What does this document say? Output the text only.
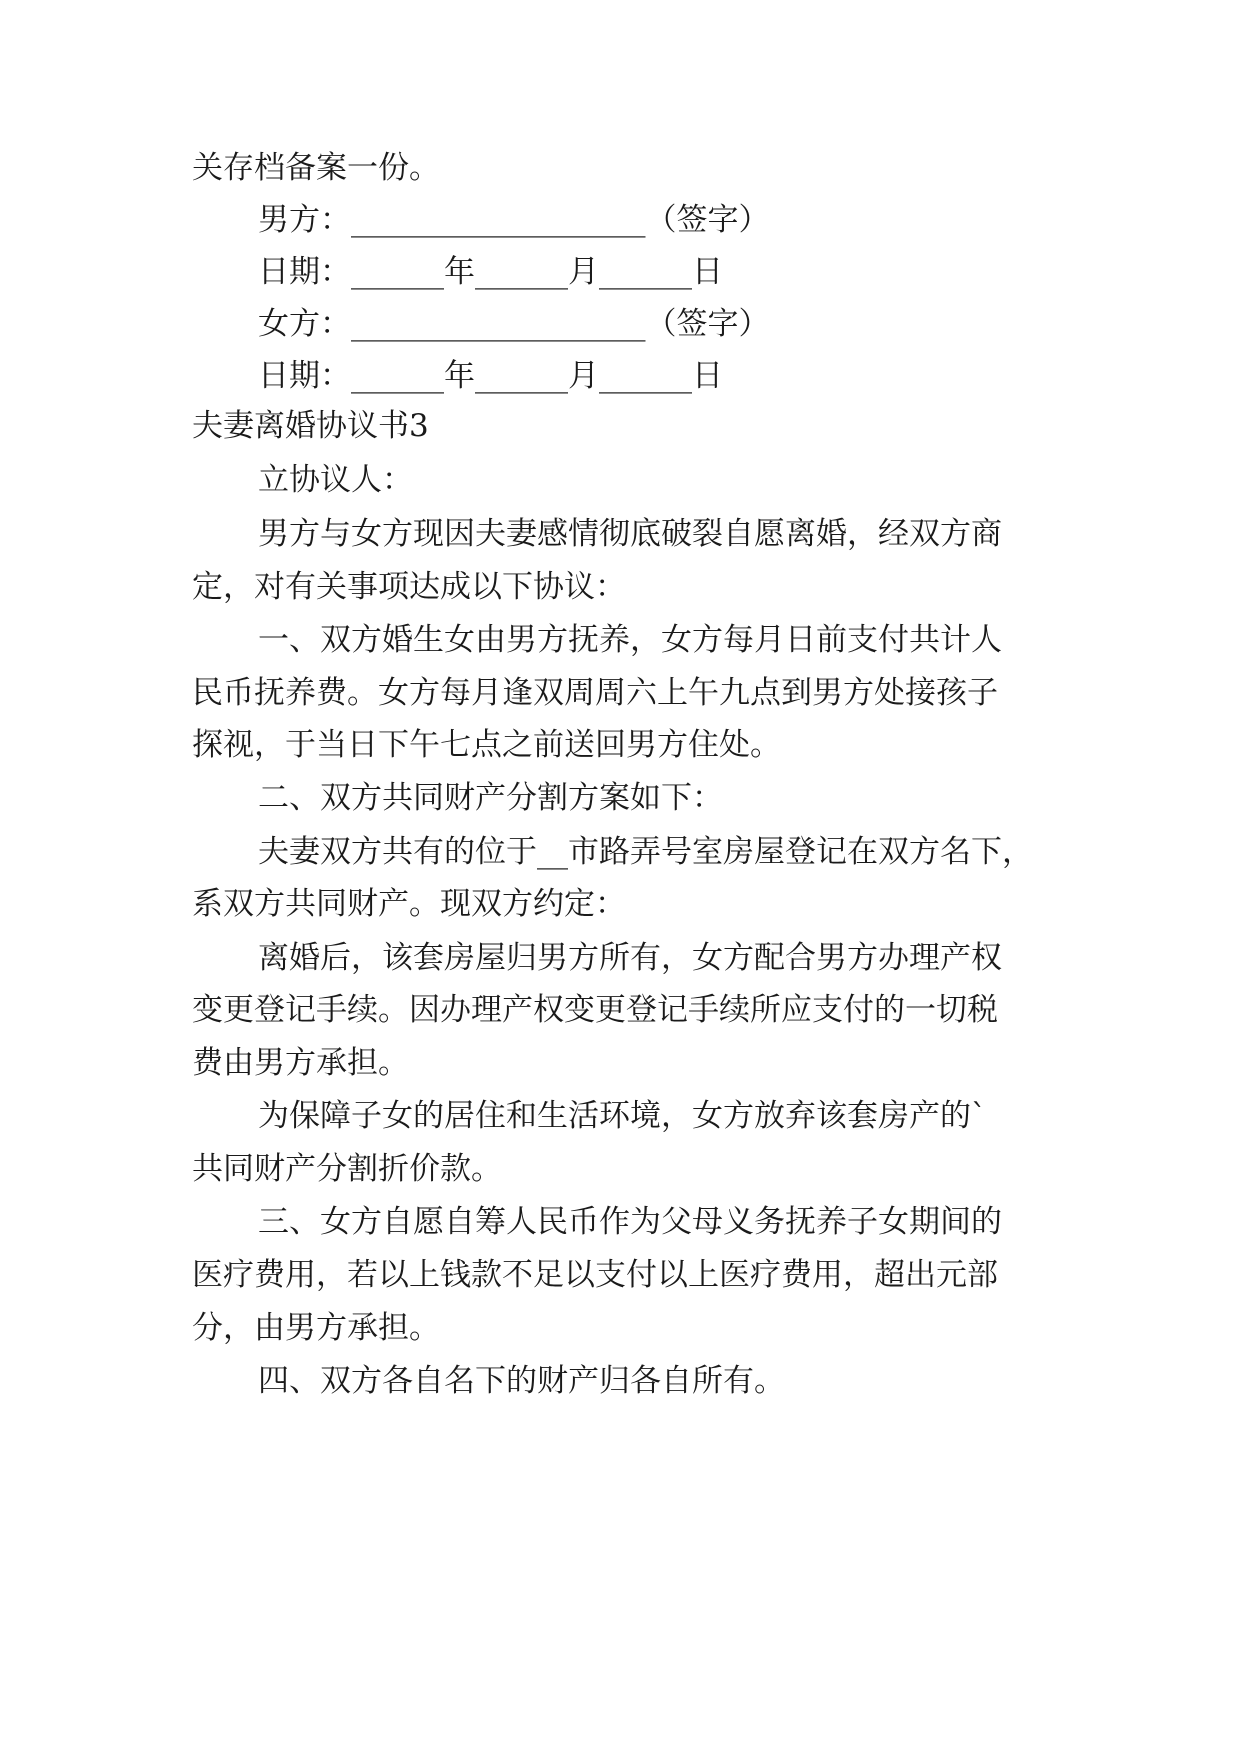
关存档备案一份。

男方：___________________（签字）

日期：______年______月______日

女方：___________________（签字）

日期：______年______月______日

夫妻离婚协议书3

立协议人：

男方与女方现因夫妻感情彻底破裂自愿离婚，经双方商

定，对有关事项达成以下协议：

一、双方婚生女由男方抚养，女方每月日前支付共计人

民币抚养费。女方每月逢双周周六上午九点到男方处接孩子

探视，于当日下午七点之前送回男方住处。

二、双方共同财产分割方案如下：

夫妻双方共有的位于__市路弄号室房屋登记在双方名下，

系双方共同财产。现双方约定：

离婚后，该套房屋归男方所有，女方配合男方办理产权

变更登记手续。因办理产权变更登记手续所应支付的一切税

费由男方承担。

为保障子女的居住和生活环境，女方放弃该套房产的`

共同财产分割折价款。

三、女方自愿自筹人民币作为父母义务抚养子女期间的

医疗费用，若以上钱款不足以支付以上医疗费用，超出元部

分，由男方承担。

四、双方各自名下的财产归各自所有。
